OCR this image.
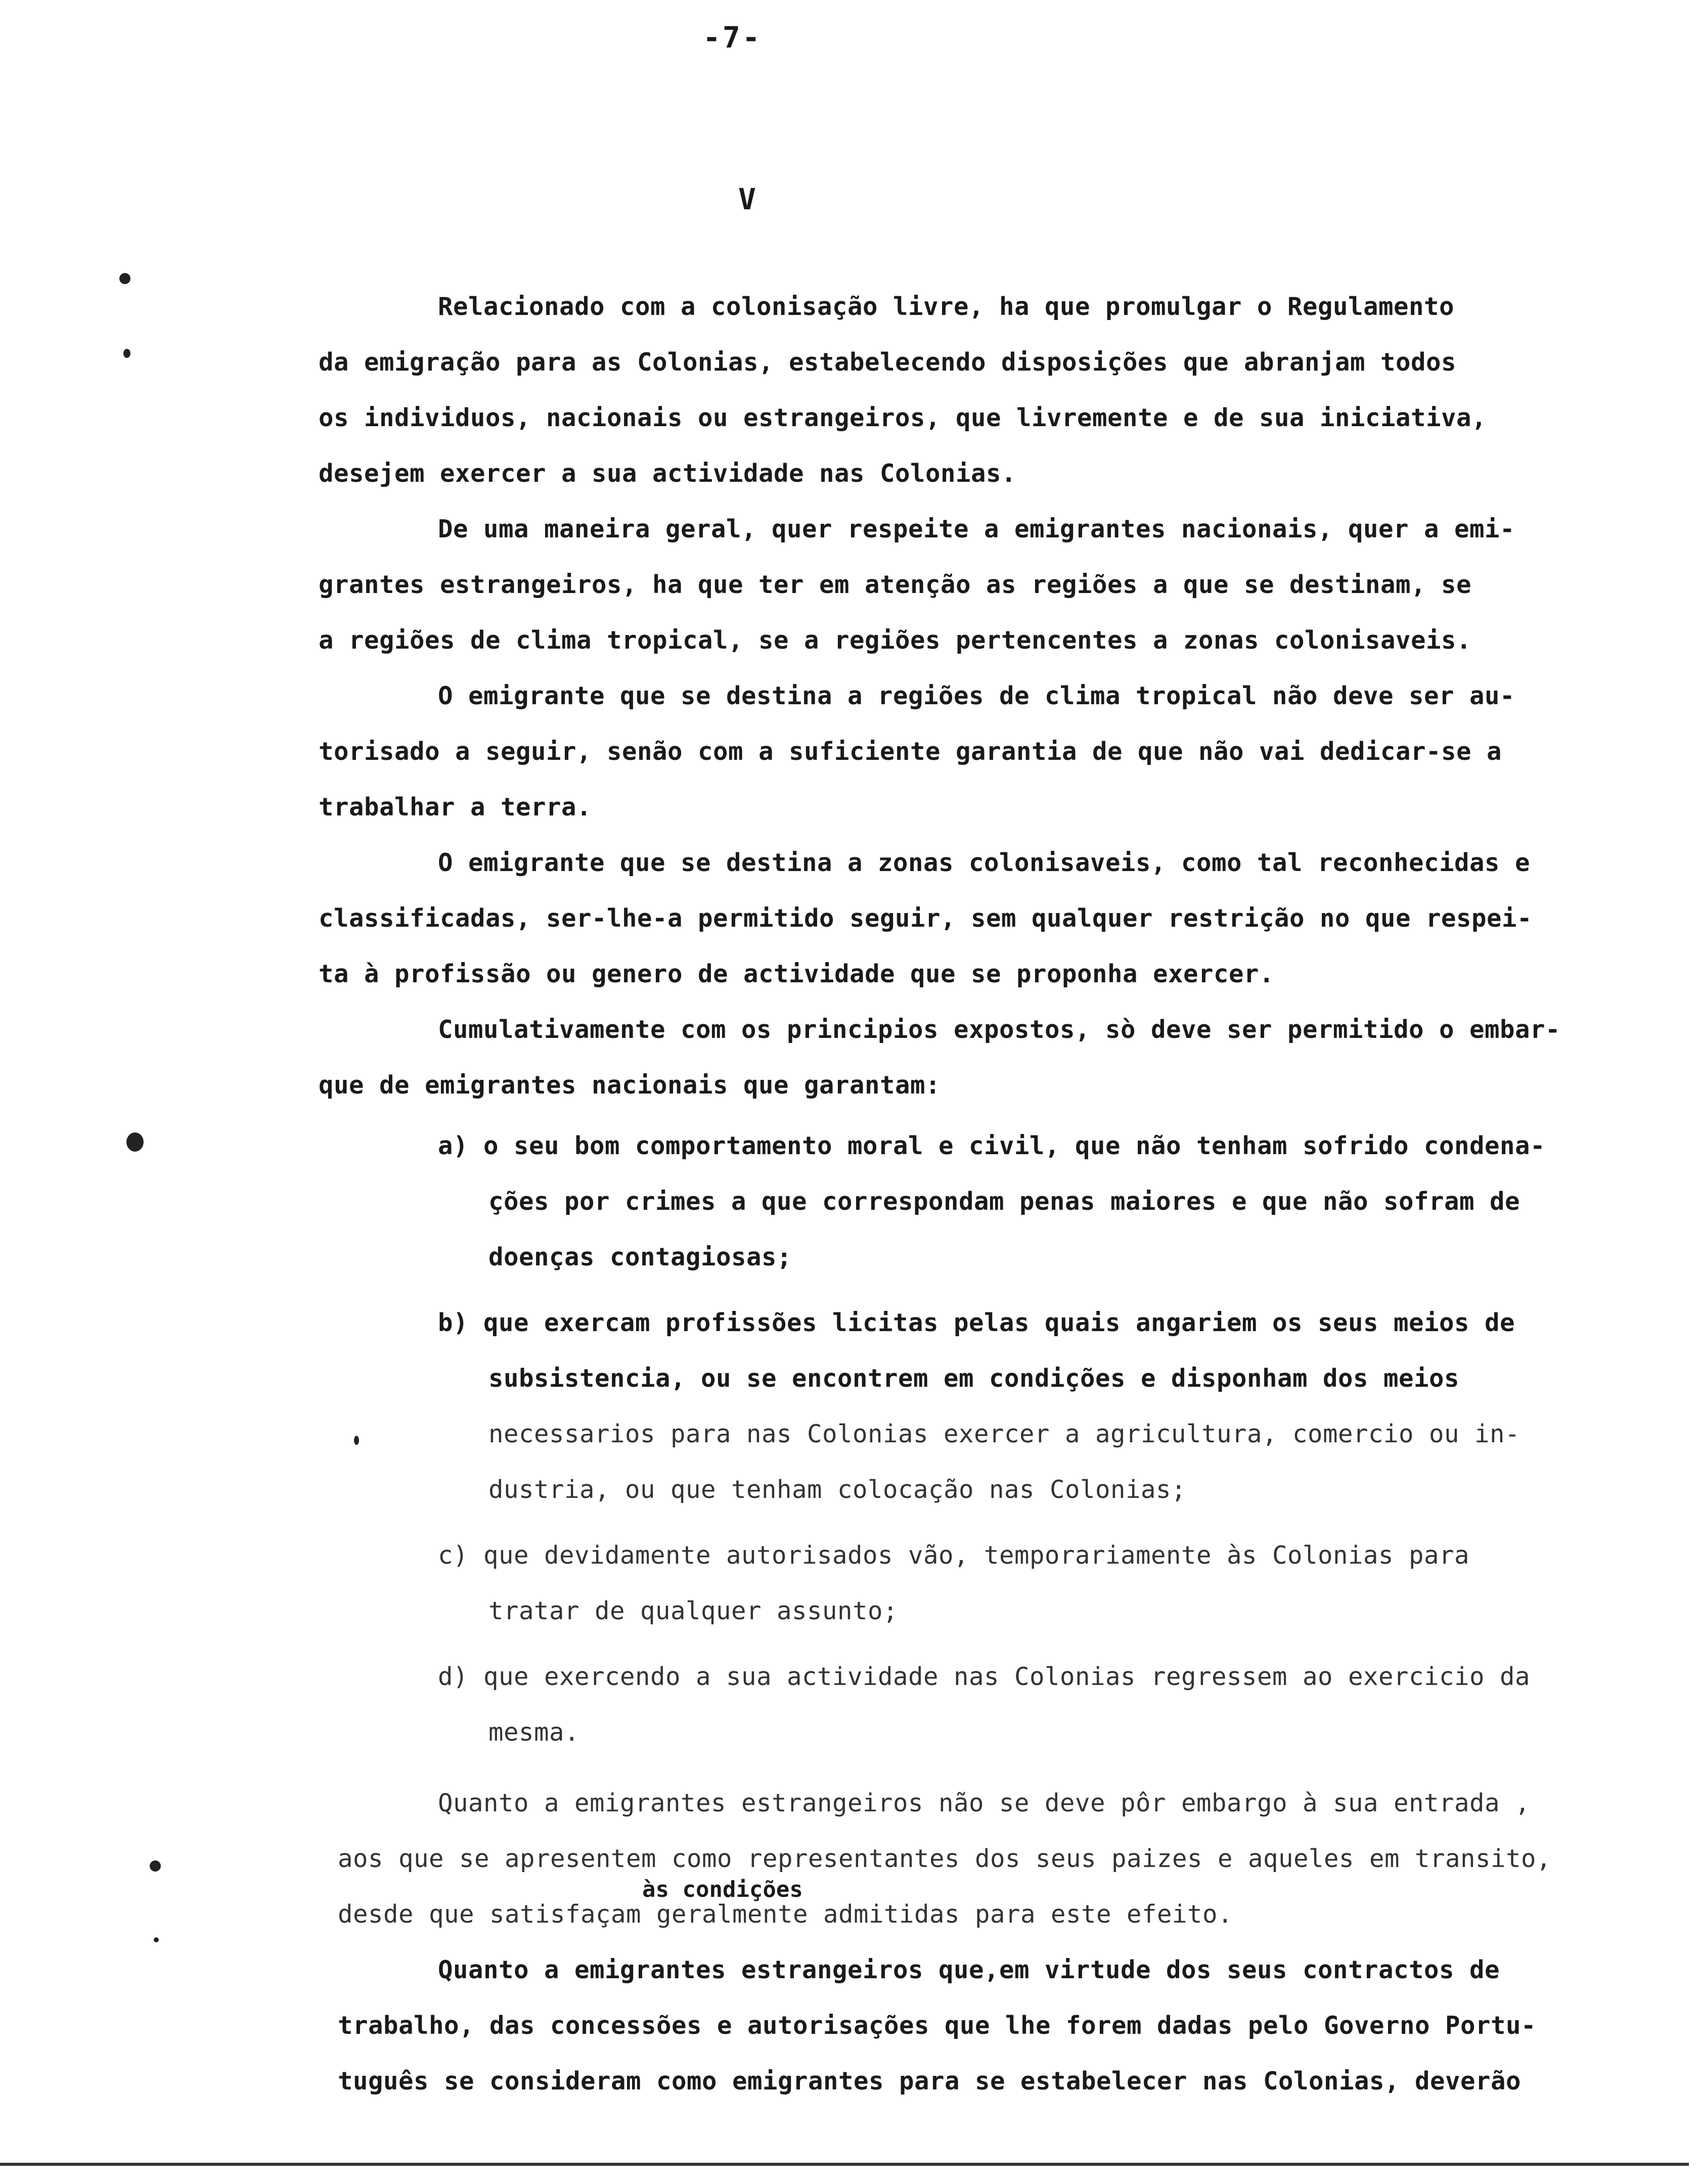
-7-
V
Relacionado com a colonisação livre, ha que promulgar o Regulamento
da emigração para as Colonias, estabelecendo disposições que abranjam todos
os individuos, nacionais ou estrangeiros, que livremente e de sua iniciativa,
desejem exercer a sua actividade nas Colonias.
De uma maneira geral, quer respeite a emigrantes nacionais, quer a emi-
grantes estrangeiros, ha que ter em atenção as regiões a que se destinam, se
a regiões de clima tropical, se a regiões pertencentes a zonas colonisaveis.
O emigrante que se destina a regiões de clima tropical não deve ser au-
torisado a seguir, senão com a suficiente garantia de que não vai dedicar-se a
trabalhar a terra.
O emigrante que se destina a zonas colonisaveis, como tal reconhecidas e
classificadas, ser-lhe-a permitido seguir, sem qualquer restrição no que respei-
ta à profissão ou genero de actividade que se proponha exercer.
Cumulativamente com os principios expostos, sò deve ser permitido o embar-
que de emigrantes nacionais que garantam:
a) o seu bom comportamento moral e civil, que não tenham sofrido condena-
ções por crimes a que correspondam penas maiores e que não sofram de
doenças contagiosas;
b) que exercam profissões licitas pelas quais angariem os seus meios de
subsistencia, ou se encontrem em condições e disponham dos meios
necessarios para nas Colonias exercer a agricultura, comercio ou in-
dustria, ou que tenham colocação nas Colonias;
c) que devidamente autorisados vão, temporariamente às Colonias para
tratar de qualquer assunto;
d) que exercendo a sua actividade nas Colonias regressem ao exercicio da
mesma.
Quanto a emigrantes estrangeiros não se deve pôr embargo à sua entrada ,
aos que se apresentem como representantes dos seus paizes e aqueles em transito,
às condições
desde que satisfaçam geralmente admitidas para este efeito.
Quanto a emigrantes estrangeiros que,em virtude dos seus contractos de
trabalho, das concessões e autorisações que lhe forem dadas pelo Governo Portu-
tuguês se consideram como emigrantes para se estabelecer nas Colonias, deverão
